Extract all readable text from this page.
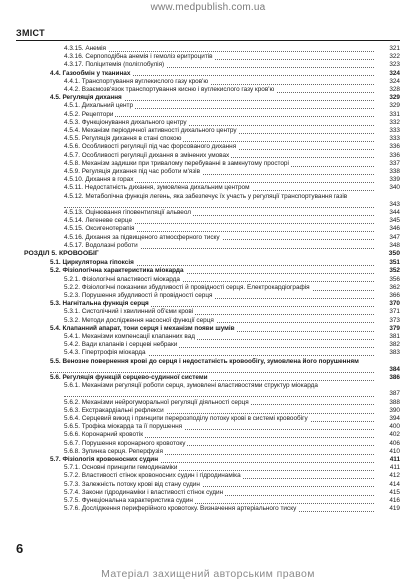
www.medpublish.com.ua
ЗМІСТ
4.3.15. Анемія	321
4.3.16. Серпоподібна анемія і гемоліз еритроцитів	322
4.3.17. Поліцитемія (поліглобулія)	323
4.4. Газообмін у тканинах	324
4.4.1. Транспортування вуглекислого газу кров'ю	324
4.4.2. Взаємозв'язок транспортування кисню і вуглекислого газу кров'ю	328
4.5. Регуляція дихання	329
4.5.1. Дихальний центр	329
4.5.2. Рецептори	331
4.5.3. Функціонування дихального центру	332
4.5.4. Механізм періодичної активності дихального центру	333
4.5.5. Регуляція дихання в стані спокою	333
4.5.6. Особливості регуляції під час форсованого дихання	336
4.5.7. Особливості регуляції дихання в змінених умовах	336
4.5.8. Механізм задишки при тривалому перебуванні в замкнутому просторі	337
4.5.9. Регуляція дихання під час роботи м'язів	338
4.5.10. Дихання в горах	339
4.5.11. Недостатність дихання, зумовлена дихальним центром	340
4.5.12. Метаболічна функція легень, яка забезпечує їх участь у регуляції транспортування газів
343
4.5.13. Оцінювання гіповентиляції альвеол	344
4.5.14. Легеневе серце	345
4.5.15. Оксигенотерапія	346
4.5.16. Дихання за підвищеного атмосферного тиску	347
4.5.17. Водолазні роботи	348
РОЗДІЛ 5. КРОВООБІГ	350
5.1. Циркуляторна гіпоксія	351
5.2. Фізіологічна характеристика міокарда	352
5.2.1. Фізіологічні властивості міокарда	356
5.2.2. Фізіологічні показники збудливості й провідності серця. Електрокардіографія	362
5.2.3. Порушення збудливості й провідності серця	366
5.3. Нагнітальна функція серця	370
5.3.1. Систолічний і хвилинний об'єми крові	371
5.3.2. Методи дослідження насосної функції серця	373
5.4. Клапанний апарат, тони серця і механізм появи шумів	379
5.4.1. Механізми компенсації клапанних вад	381
5.4.2. Вади клапанів і серцеві небраки	382
5.4.3. Гіпертрофія міокарда	383
5.5. Венозне повернення крові до серця і недостатність кровообігу, зумовлена його порушенням
384
5.6. Регуляція функцій серцево-судинної системи	386
5.6.1. Механізми регуляції роботи серця, зумовлені властивостями структур міокарда
387
5.6.2. Механізми нейрогуморальної регуляції діяльності серця	388
5.6.3. Екстракардіальні рефлекси	390
5.6.4. Серцевий викид і принципи перерозподілу потоку крові в системі кровообігу	394
5.6.5. Трофіка міокарда та її порушення	400
5.6.6. Коронарний кровотік	402
5.6.7. Порушення коронарного кровотоку	406
5.6.8. Зупинка серця. Реперфузія	410
5.7. Фізіологія кровоносних судин	411
5.7.1. Основні принципи гемодинаміки	411
5.7.2. Властивості стінок кровоносних судин і гідродинаміка	412
5.7.3. Залежність потоку крові від стану судин	414
5.7.4. Закони гідродинаміки і властивості стінок судин	415
5.7.5. Функціональна характеристика судин	416
5.7.6. Дослідження периферійного кровотоку. Визначення артеріального тиску	419
6
Матеріал захищений авторським правом
